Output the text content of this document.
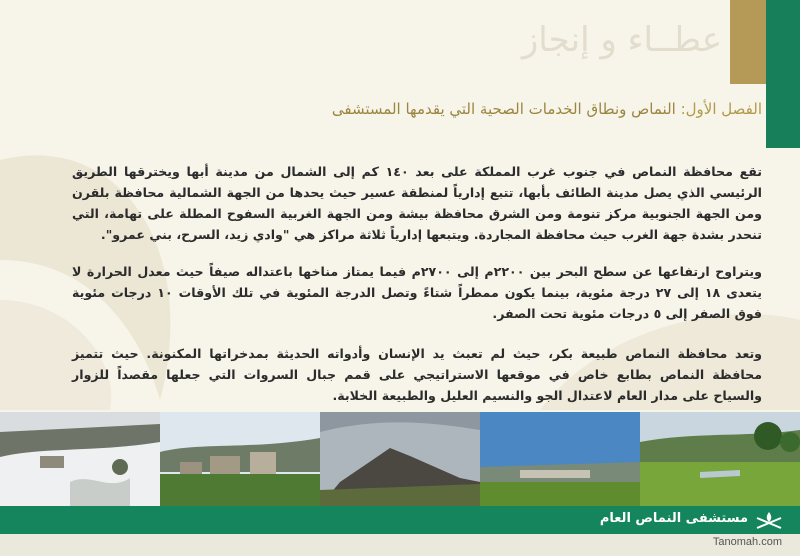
عطــاء و إنجاز
الفصل الأول: النماص ونطاق الخدمات الصحية التي يقدمها المستشفى

تقع محافظة النماص في جنوب غرب المملكة على بعد ١٤٠ كم إلى الشمال من مدينة أبها ويخترقها الطريق الرئيسي الذي يصل مدينة الطائف بأبها، تتبع إدارياً لمنطقة عسير حيث يحدها من الجهة الشمالية محافظة بلقرن ومن الجهة الجنوبية مركز تنومة ومن الشرق محافظة بيشة ومن الجهة الغربية السفوح المطلة على تهامة، التي تنحدر بشدة جهة الغرب حيث محافظة المجاردة. ويتبعها إدارياً ثلاثة مراكز هي "وادي زيد، السرح، بني عمرو".

ويتراوح ارتفاعها عن سطح البحر بين ٢٢٠٠م إلى ٢٧٠٠م فيما يمتاز مناخها باعتداله صيفاً حيث معدل الحرارة لا يتعدى ١٨ إلى ٢٧ درجة مئوية، بينما يكون ممطراً شتاءً وتصل الدرجة المئوية في تلك الأوقات ١٠ درجات مئوية فوق الصفر إلى ٥ درجات مئوية تحت الصفر.

وتعد محافظة النماص طبيعة بكر، حيث لم تعبث يد الإنسان وأدواته الحديثة بمدخراتها المكنونة. حيث تتميز محافظة النماص بطابع خاص في موقعها الاستراتيجي على قمم جبال السروات التي جعلها مقصداً للزوار والسياح على مدار العام لاعتدال الجو والنسيم العليل والطبيعة الخلابة.

مستشفى النماص العام
Tanomah.com
